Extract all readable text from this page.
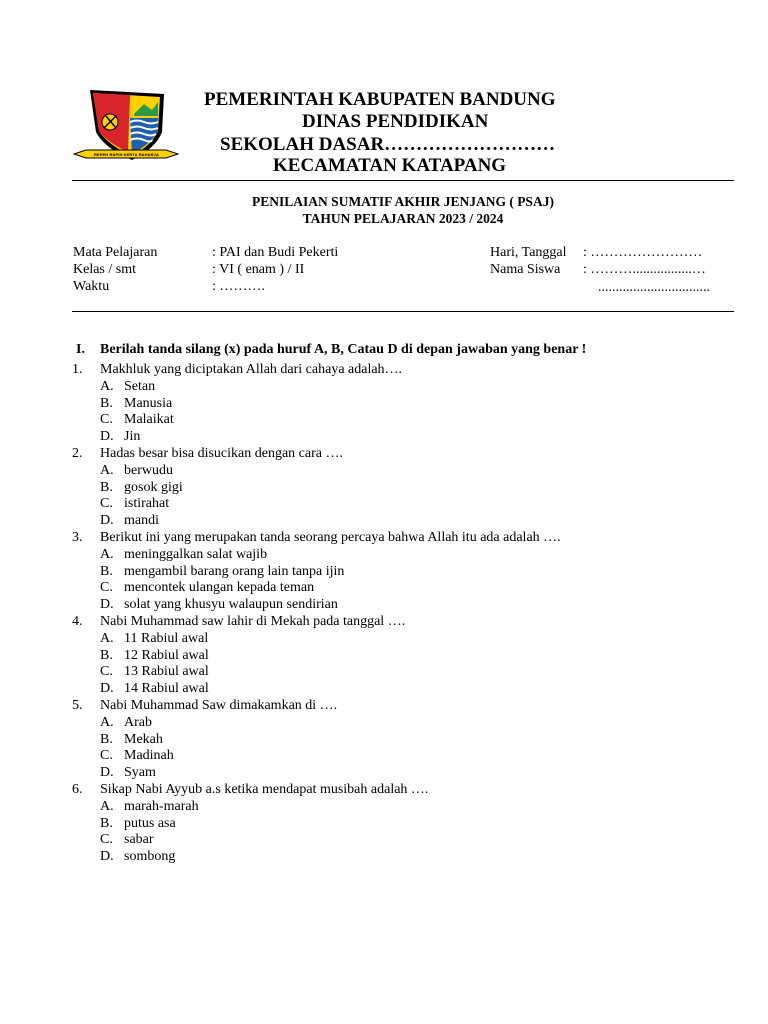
REPEH RAPIH KERTA RAHARJA
PEMERINTAH KABUPATEN BANDUNG
DINAS PENDIDIKAN
SEKOLAH DASAR………………………
KECAMATAN KATAPANG
PENILAIAN SUMATIF AKHIR JENJANG ( PSAJ)
TAHUN PELAJARAN 2023 / 2024
Mata Pelajaran	: PAI dan Budi Pekerti
Kelas / smt	: VI ( enam ) / II
Waktu	: ……….
Hari, Tanggal : ……………………
Nama Siswa : ……….................…
................................
I. Berilah tanda silang (x) pada huruf A, B, Catau D di depan jawaban yang benar !
1.	Makhluk yang diciptakan Allah dari cahaya adalah….
A. Setan
B. Manusia
C. Malaikat
D. Jin
2.	Hadas besar bisa disucikan dengan cara ….
A. berwudu
B. gosok gigi
C. istirahat
D. mandi
3.	Berikut ini yang merupakan tanda seorang percaya bahwa Allah itu ada adalah ….
A. meninggalkan salat wajib
B. mengambil barang orang lain tanpa ijin
C. mencontek ulangan kepada teman
D. solat yang khusyu walaupun sendirian
4.	Nabi Muhammad saw lahir di Mekah pada tanggal ….
A. 11 Rabiul awal
B. 12 Rabiul awal
C. 13 Rabiul awal
D. 14 Rabiul awal
5.	Nabi Muhammad Saw dimakamkan di ….
A. Arab
B. Mekah
C. Madinah
D. Syam
6.	Sikap Nabi Ayyub a.s ketika mendapat musibah adalah ….
A. marah-marah
B. putus asa
C. sabar
D. sombong
